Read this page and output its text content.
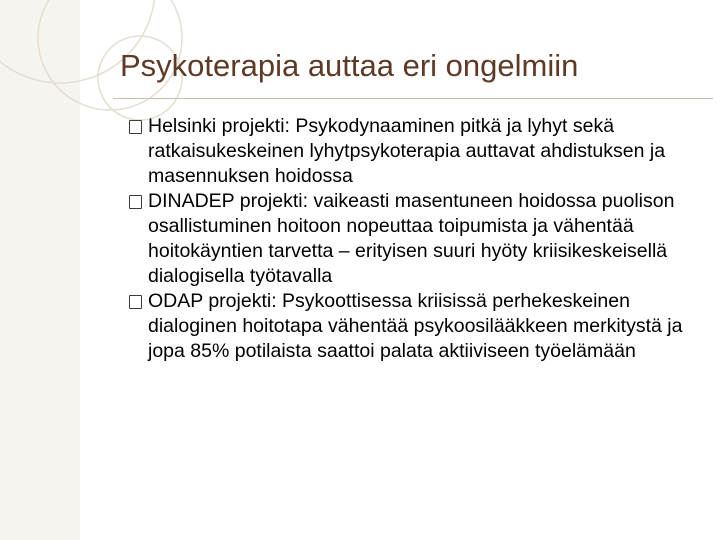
Psykoterapia auttaa eri ongelmiin
Helsinki projekti: Psykodynaaminen pitkä ja lyhyt sekä ratkaisukeskeinen lyhytpsykoterapia auttavat ahdistuksen ja masennuksen hoidossa
DINADEP projekti: vaikeasti masentuneen hoidossa puolison osallistuminen hoitoon nopeuttaa toipumista ja vähentää hoitokäyntien tarvetta – erityisen suuri hyöty kriisikeskeisellä dialogisella työtavalla
ODAP projekti: Psykoottisessa kriisissä perhekeskeinen dialoginen hoitotapa vähentää psykoosilääkkeen merkitystä ja jopa 85% potilaista saattoi palata aktiiviseen työelämään
